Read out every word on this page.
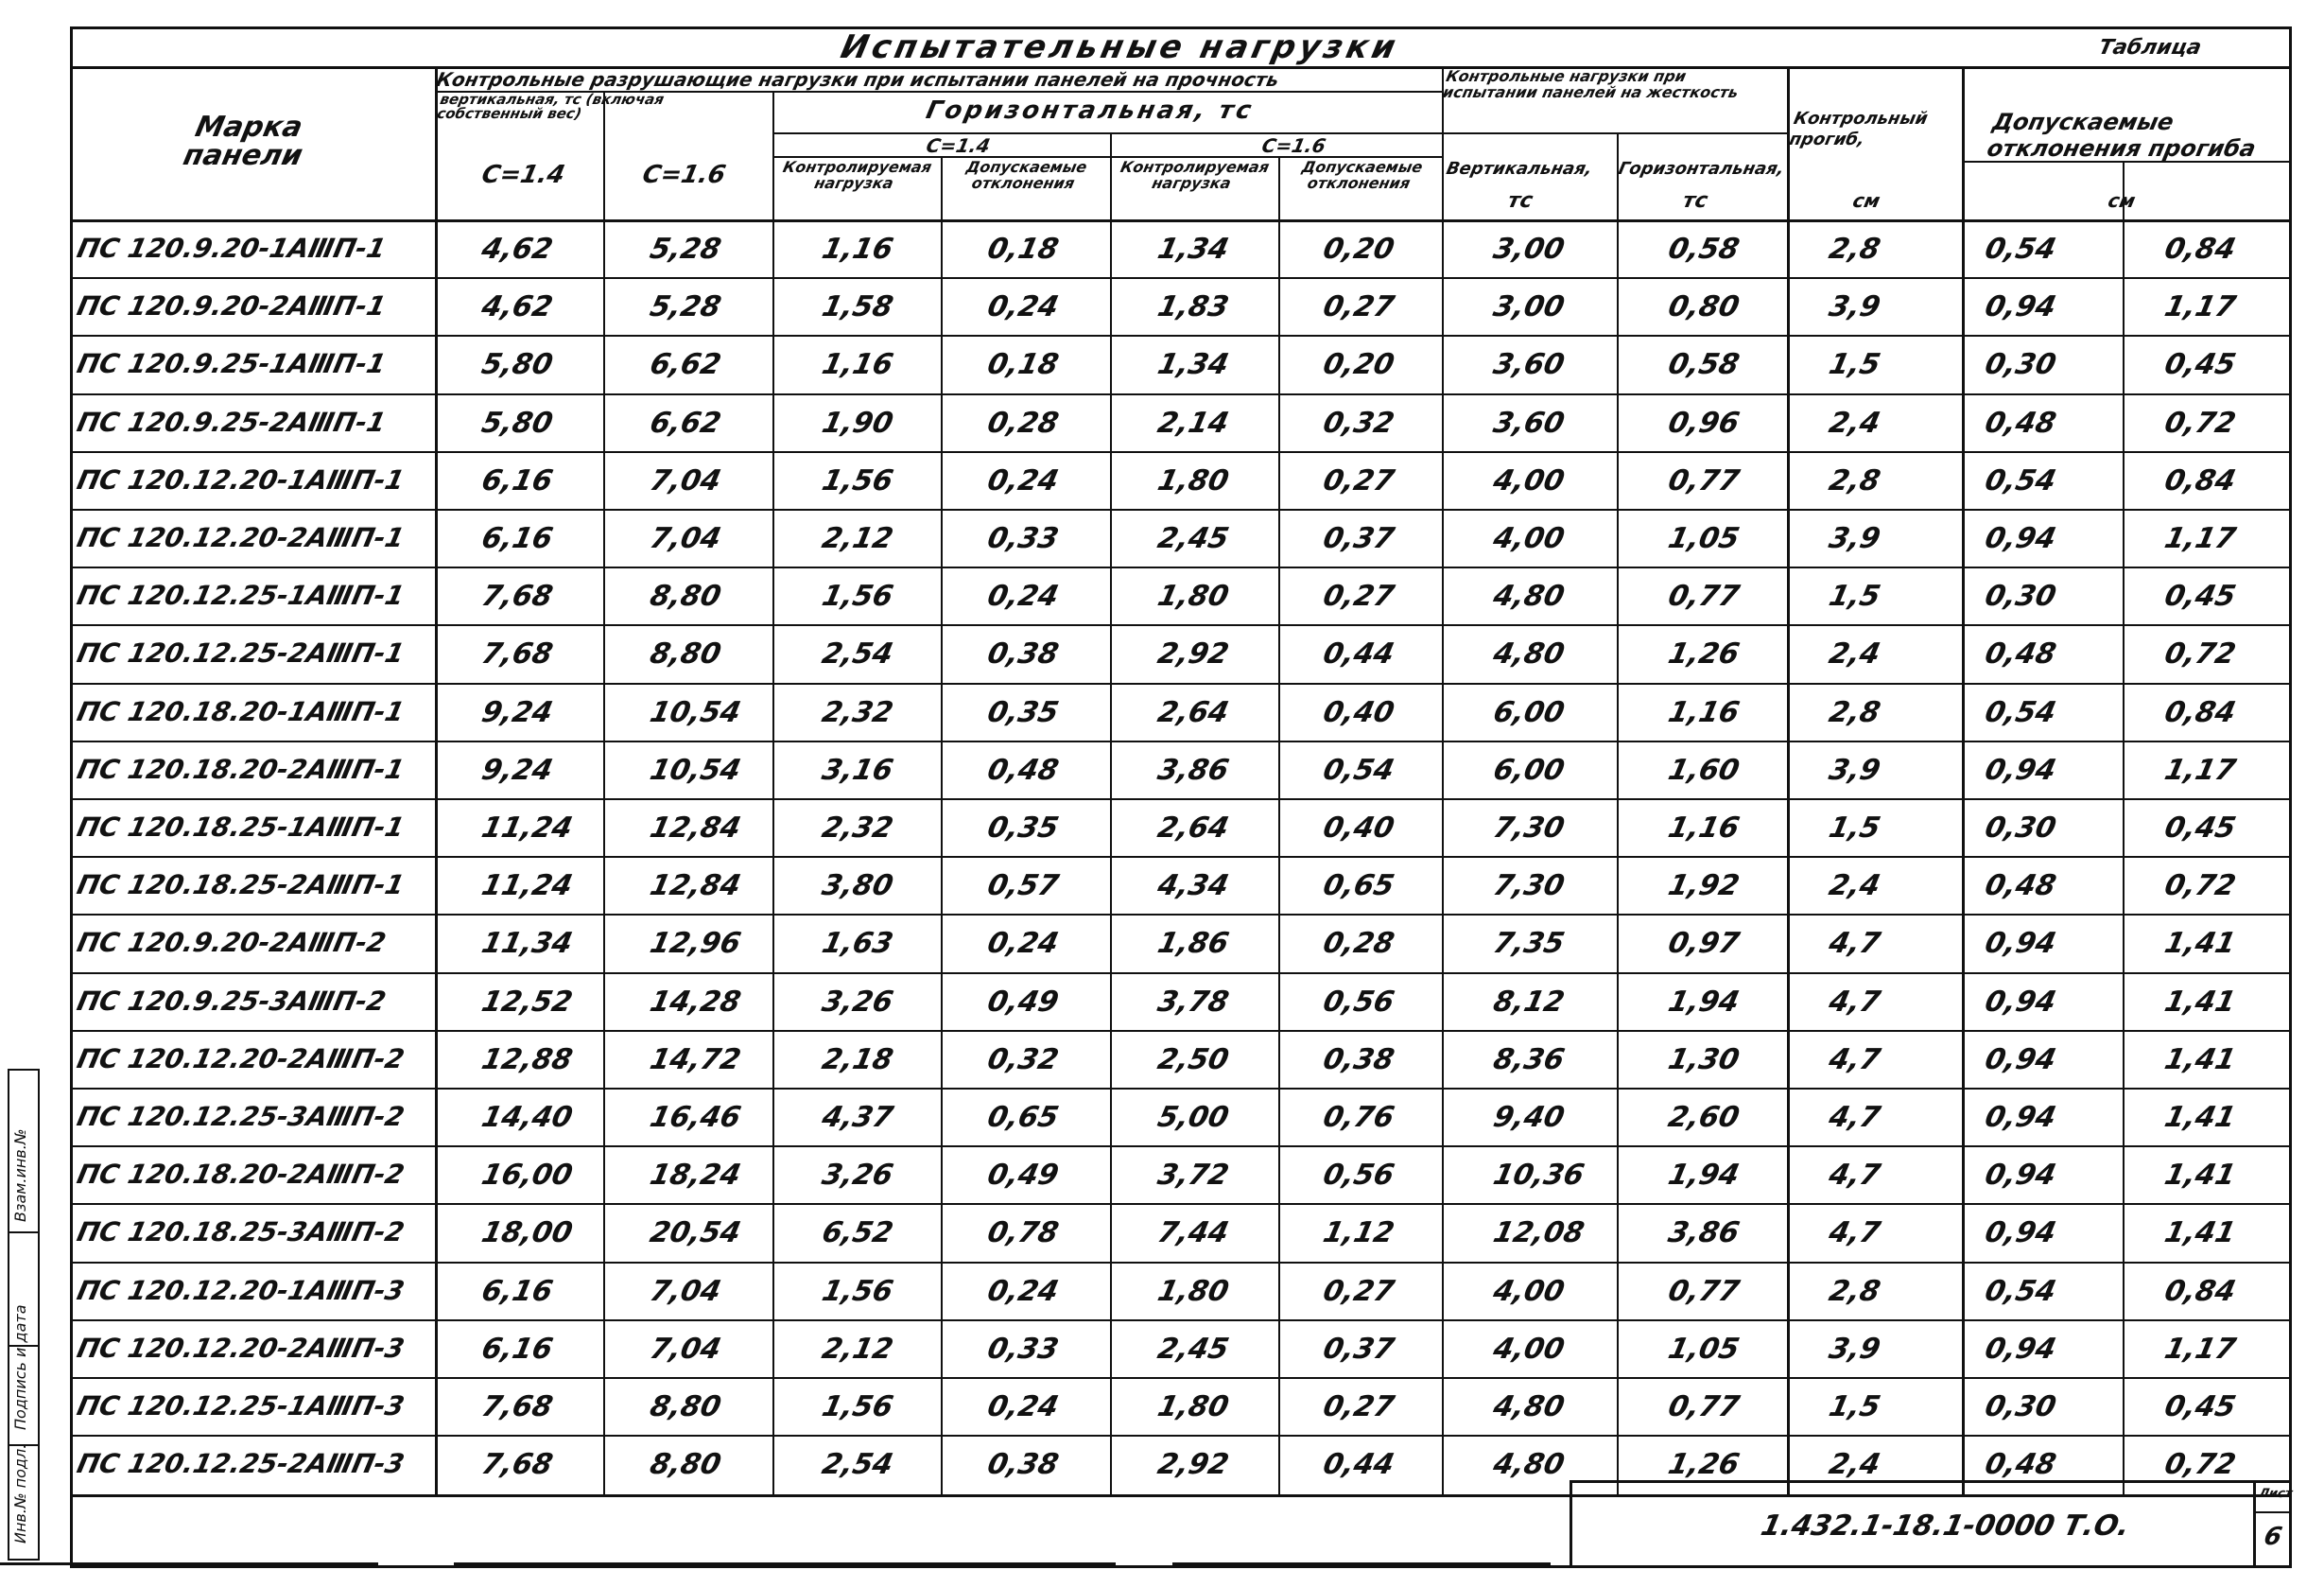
Испытательные нагрузки	Таблица
Марка панели
Контрольные разрушающие нагрузки при испытании панелей на прочность
вертикальная, тс (включая собственный вес)	Горизонтальная, тс
С=1.4	С=1.6
С=1.4	С=1.6
Контролируемая нагрузка
Допускаемые отклонения
Контролируемая нагрузка
Допускаемые отклонения
Контрольные нагрузки при испытании панелей на жесткость
Вертикальная, Горизонтальная,
тс	тс
Контрольный прогиб,
см
Допускаемые отклонения прогиба
см
ПС 120.9.20-1АⅢП-1	4,62	5,28	1,16	0,18	1,34	0,20	3,00	0,58	2,8	0,54	0,84
ПС 120.9.20-2АⅢП-1	4,62	5,28	1,58	0,24	1,83	0,27	3,00	0,80	3,9	0,94	1,17
ПС 120.9.25-1АⅢП-1	5,80	6,62	1,16	0,18	1,34	0,20	3,60	0,58	1,5	0,30	0,45
ПС 120.9.25-2АⅢП-1	5,80	6,62	1,90	0,28	2,14	0,32	3,60	0,96	2,4	0,48	0,72
ПС 120.12.20-1АⅢП-1	6,16	7,04	1,56	0,24	1,80	0,27	4,00	0,77	2,8	0,54	0,84
ПС 120.12.20-2АⅢП-1	6,16	7,04	2,12	0,33	2,45	0,37	4,00	1,05	3,9	0,94	1,17
ПС 120.12.25-1АⅢП-1	7,68	8,80	1,56	0,24	1,80	0,27	4,80	0,77	1,5	0,30	0,45
ПС 120.12.25-2АⅢП-1	7,68	8,80	2,54	0,38	2,92	0,44	4,80	1,26	2,4	0,48	0,72
ПС 120.18.20-1АⅢП-1	9,24	10,54	2,32	0,35	2,64	0,40	6,00	1,16	2,8	0,54	0,84
ПС 120.18.20-2АⅢП-1	9,24	10,54	3,16	0,48	3,86	0,54	6,00	1,60	3,9	0,94	1,17
ПС 120.18.25-1АⅢП-1	11,24	12,84	2,32	0,35	2,64	0,40	7,30	1,16	1,5	0,30	0,45
ПС 120.18.25-2АⅢП-1	11,24	12,84	3,80	0,57	4,34	0,65	7,30	1,92	2,4	0,48	0,72
ПС 120.9.20-2АⅢП-2	11,34	12,96	1,63	0,24	1,86	0,28	7,35	0,97	4,7	0,94	1,41
ПС 120.9.25-3АⅢП-2	12,52	14,28	3,26	0,49	3,78	0,56	8,12	1,94	4,7	0,94	1,41
ПС 120.12.20-2АⅢП-2	12,88	14,72	2,18	0,32	2,50	0,38	8,36	1,30	4,7	0,94	1,41
ПС 120.12.25-3АⅢП-2	14,40	16,46	4,37	0,65	5,00	0,76	9,40	2,60	4,7	0,94	1,41
ПС 120.18.20-2АⅢП-2	16,00	18,24	3,26	0,49	3,72	0,56	10,36	1,94	4,7	0,94	1,41
ПС 120.18.25-3АⅢП-2	18,00	20,54	6,52	0,78	7,44	1,12	12,08	3,86	4,7	0,94	1,41
ПС 120.12.20-1АⅢП-3	6,16	7,04	1,56	0,24	1,80	0,27	4,00	0,77	2,8	0,54	0,84
ПС 120.12.20-2АⅢП-3	6,16	7,04	2,12	0,33	2,45	0,37	4,00	1,05	3,9	0,94	1,17
ПС 120.12.25-1АⅢП-3	7,68	8,80	1,56	0,24	1,80	0,27	4,80	0,77	1,5	0,30	0,45
ПС 120.12.25-2АⅢП-3	7,68	8,80	2,54	0,38	2,92	0,44	4,80	1,26	2,4	0,48	0,72
1.432.1-18.1-0000 Т.О.
Лист
6
Инв.№ подл.
Подпись и дата
Взам.инв.№
